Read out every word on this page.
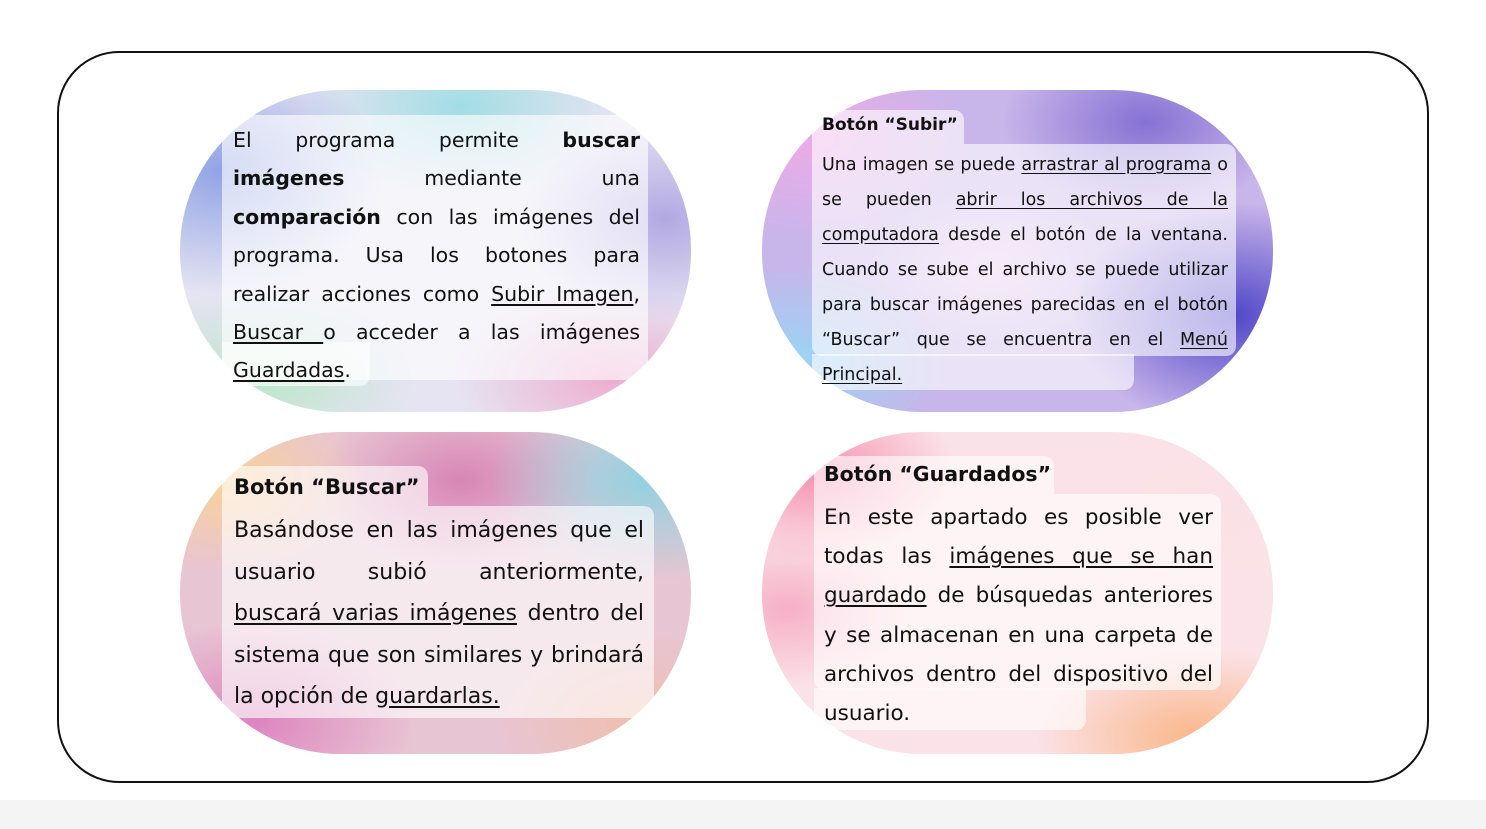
El programa permite buscar imágenes mediante una comparación con las imágenes del programa. Usa los botones para realizar acciones como Subir Imagen, Buscar o acceder a las imágenes Guardadas.

Botón “Subir”

Una imagen se puede arrastrar al programa o se pueden abrir los archivos de la computadora desde el botón de la ventana. Cuando se sube el archivo se puede utilizar para buscar imágenes parecidas en el botón “Buscar” que se encuentra en el Menú Principal.

Botón “Buscar”

Basándose en las imágenes que el usuario subió anteriormente, buscará varias imágenes dentro del sistema que son similares y brindará la opción de guardarlas.

Botón “Guardados”

En este apartado es posible ver todas las imágenes que se han guardado de búsquedas anteriores y se almacenan en una carpeta de archivos dentro del dispositivo del usuario.
